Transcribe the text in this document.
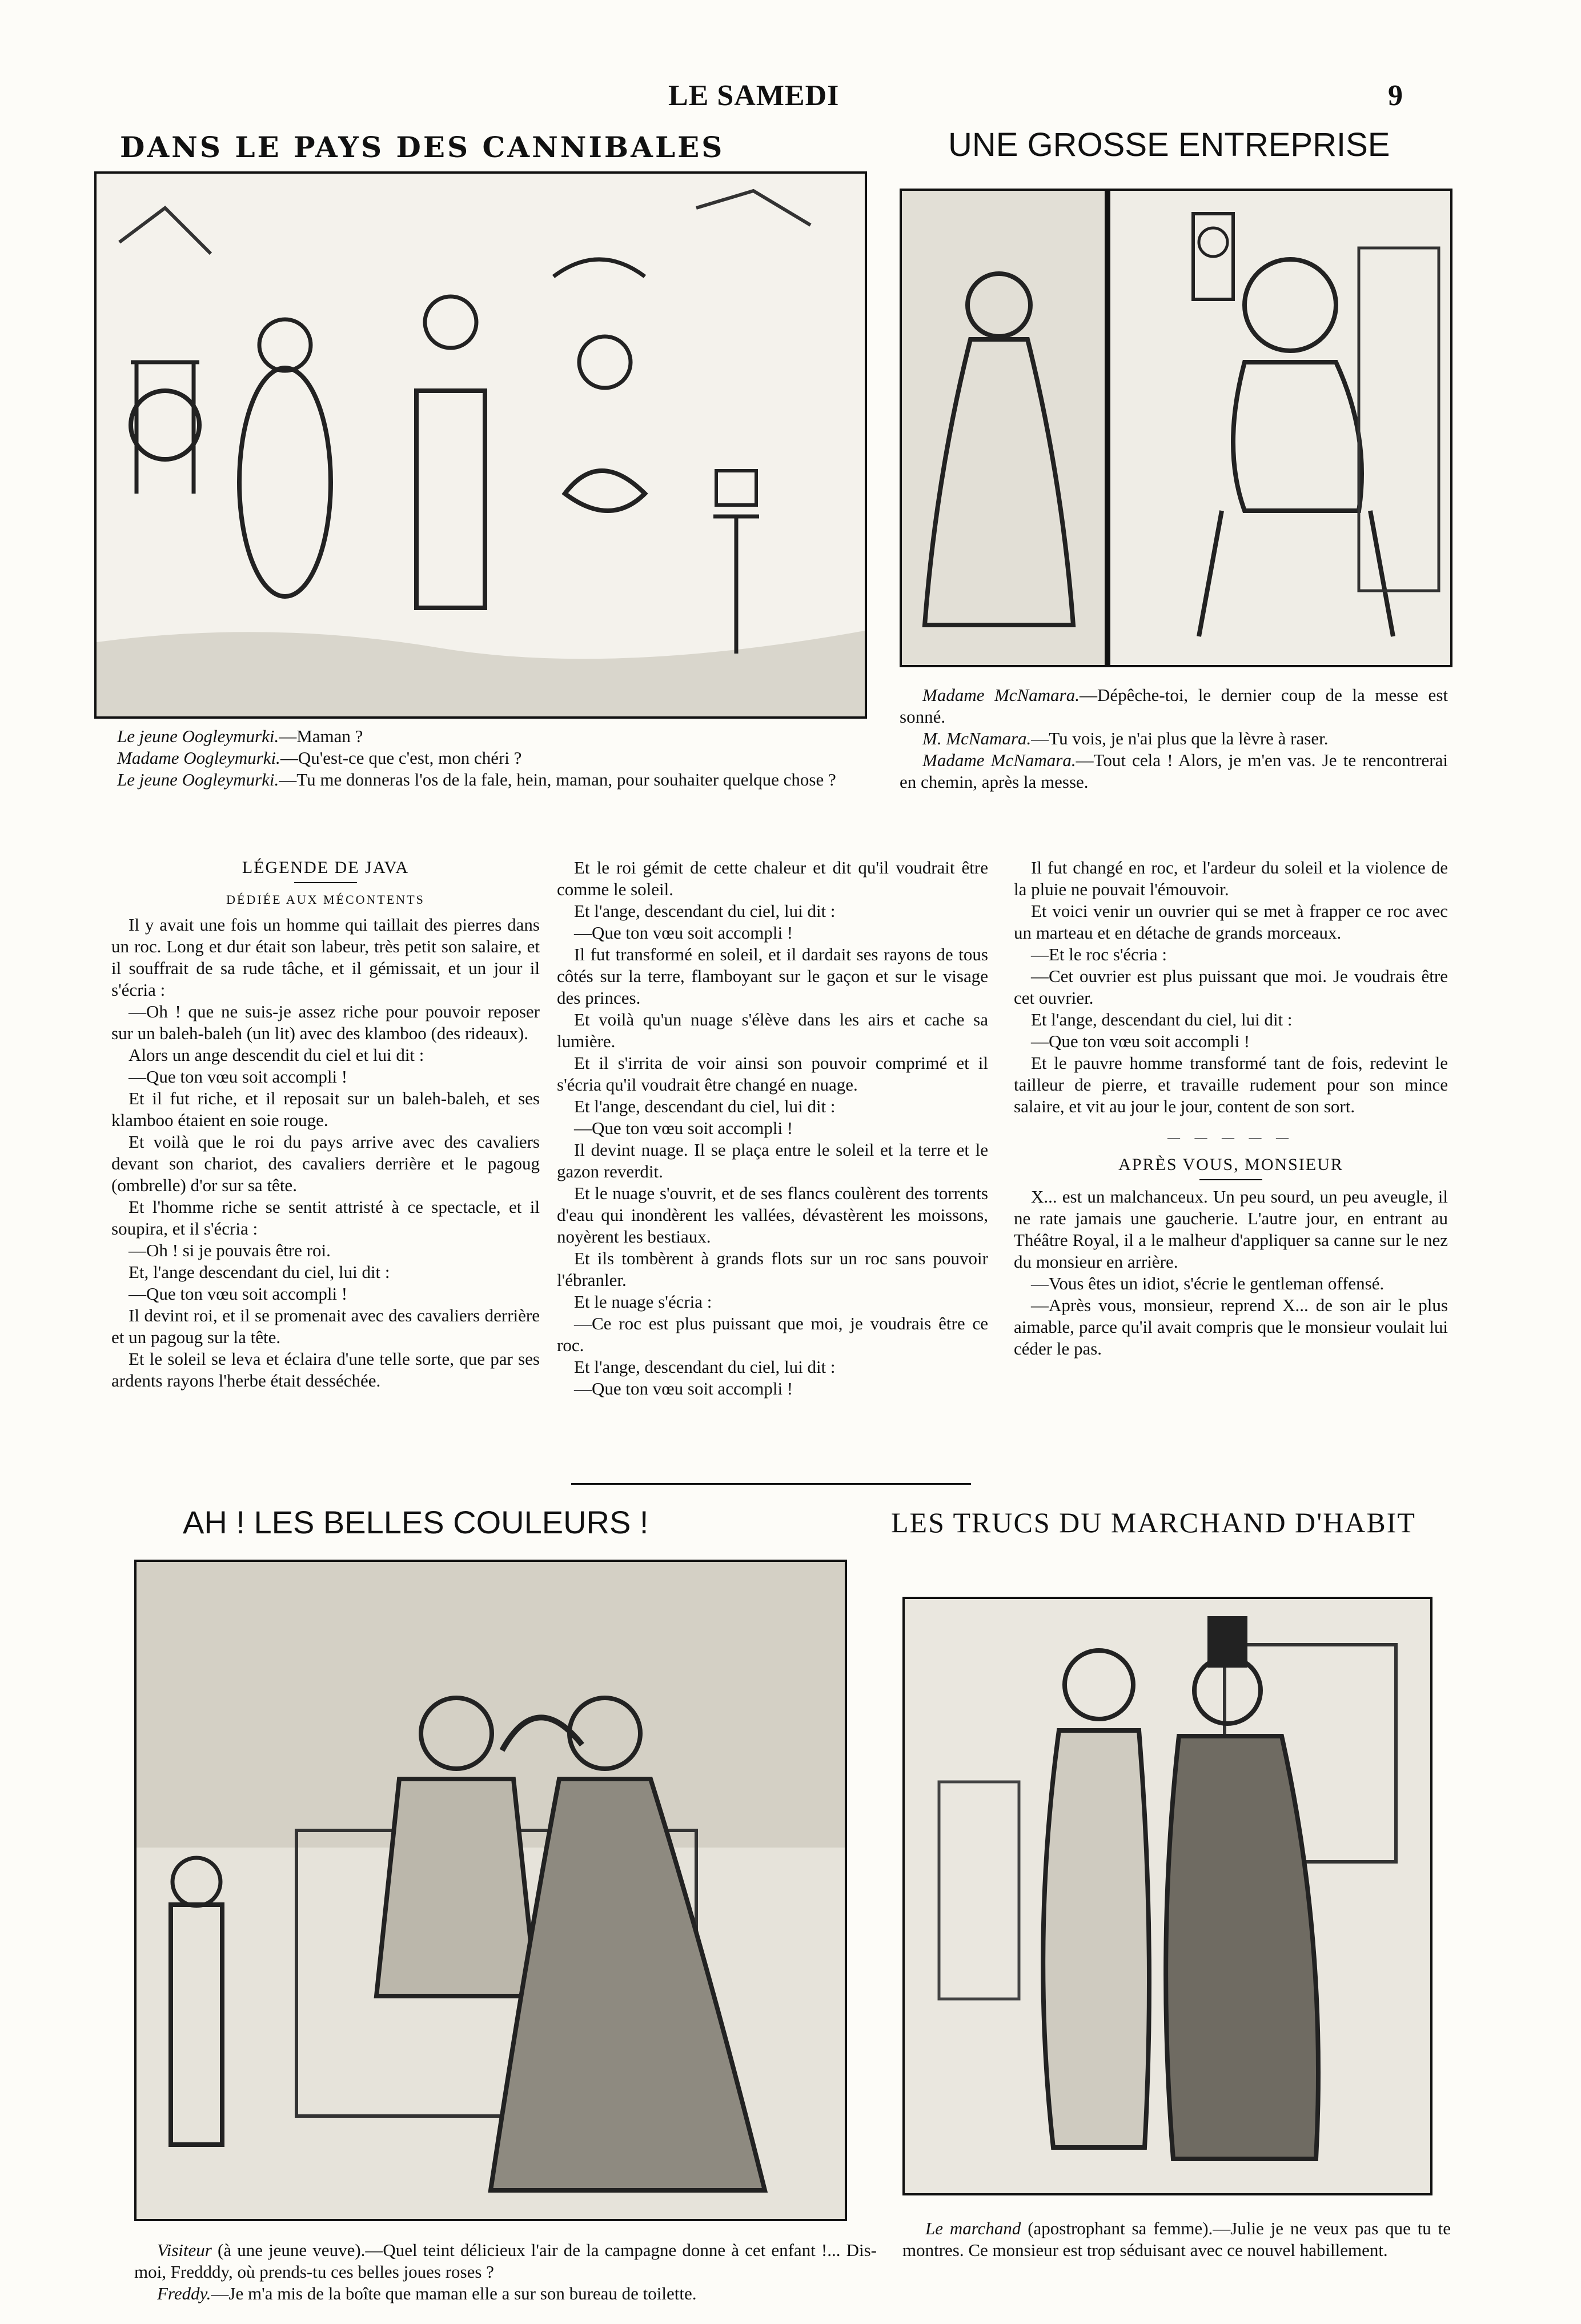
LE SAMEDI	9
DANS LE PAYS DES CANNIBALES

Le jeune Oogleymurki.—Maman ?

Madame Oogleymurki.—Qu'est-ce que c'est, mon chéri ?

Le jeune Oogleymurki.—Tu me donneras l'os de la fale, hein, maman, pour souhaiter quelque chose ?

UNE GROSSE ENTREPRISE

Madame McNamara.—Dépêche-toi, le dernier coup de la messe est sonné.

M. McNamara.—Tu vois, je n'ai plus que la lèvre à raser.

Madame McNamara.—Tout cela ! Alors, je m'en vas. Je te rencontrerai en chemin, après la messe.

LÉGENDE DE JAVA
DÉDIÉE AUX MÉCONTENTS

Il y avait une fois un homme qui taillait des pierres dans un roc. Long et dur était son labeur, très petit son salaire, et il souffrait de sa rude tâche, et il gémissait, et un jour il s'écria :

—Oh ! que ne suis-je assez riche pour pouvoir reposer sur un baleh-baleh (un lit) avec des klamboo (des rideaux).

Alors un ange descendit du ciel et lui dit :

—Que ton vœu soit accompli !

Et il fut riche, et il reposait sur un baleh-baleh, et ses klamboo étaient en soie rouge.

Et voilà que le roi du pays arrive avec des cavaliers devant son chariot, des cavaliers derrière et le pagoug (ombrelle) d'or sur sa tête.

Et l'homme riche se sentit attristé à ce spectacle, et il soupira, et il s'écria :

—Oh ! si je pouvais être roi.

Et, l'ange descendant du ciel, lui dit :

—Que ton vœu soit accompli !

Il devint roi, et il se promenait avec des cavaliers derrière et un pagoug sur la tête.

Et le soleil se leva et éclaira d'une telle sorte, que par ses ardents rayons l'herbe était desséchée.

Et le roi gémit de cette chaleur et dit qu'il voudrait être comme le soleil.

Et l'ange, descendant du ciel, lui dit :

—Que ton vœu soit accompli !

Il fut transformé en soleil, et il dardait ses rayons de tous côtés sur la terre, flamboyant sur le gaçon et sur le visage des princes.

Et voilà qu'un nuage s'élève dans les airs et cache sa lumière.

Et il s'irrita de voir ainsi son pouvoir comprimé et il s'écria qu'il voudrait être changé en nuage.

Et l'ange, descendant du ciel, lui dit :

—Que ton vœu soit accompli !

Il devint nuage. Il se plaça entre le soleil et la terre et le gazon reverdit.

Et le nuage s'ouvrit, et de ses flancs coulèrent des torrents d'eau qui inondèrent les vallées, dévastèrent les moissons, noyèrent les bestiaux.

Et ils tombèrent à grands flots sur un roc sans pouvoir l'ébranler.

Et le nuage s'écria :

—Ce roc est plus puissant que moi, je voudrais être ce roc.

Et l'ange, descendant du ciel, lui dit :

—Que ton vœu soit accompli !

Il fut changé en roc, et l'ardeur du soleil et la violence de la pluie ne pouvait l'émouvoir.

Et voici venir un ouvrier qui se met à frapper ce roc avec un marteau et en détache de grands morceaux.

—Et le roc s'écria :

—Cet ouvrier est plus puissant que moi. Je voudrais être cet ouvrier.

Et l'ange, descendant du ciel, lui dit :

—Que ton vœu soit accompli !

Et le pauvre homme transformé tant de fois, redevint le tailleur de pierre, et travaille rudement pour son mince salaire, et vit au jour le jour, content de son sort.

— — — — —
APRÈS VOUS, MONSIEUR

X... est un malchanceux. Un peu sourd, un peu aveugle, il ne rate jamais une gaucherie. L'autre jour, en entrant au Théâtre Royal, il a le malheur d'appliquer sa canne sur le nez du monsieur en arrière.

—Vous êtes un idiot, s'écrie le gentleman offensé.

—Après vous, monsieur, reprend X... de son air le plus aimable, parce qu'il avait compris que le monsieur voulait lui céder le pas.

AH ! LES BELLES COULEURS !

Visiteur (à une jeune veuve).—Quel teint délicieux l'air de la campagne donne à cet enfant !... Dis-moi, Fredddy, où prends-tu ces belles joues roses ?

Freddy.—Je m'a mis de la boîte que maman elle a sur son bureau de toilette.

LES TRUCS DU MARCHAND D'HABIT

Le marchand (apostrophant sa femme).—Julie je ne veux pas que tu te montres. Ce monsieur est trop séduisant avec ce nouvel habillement.
